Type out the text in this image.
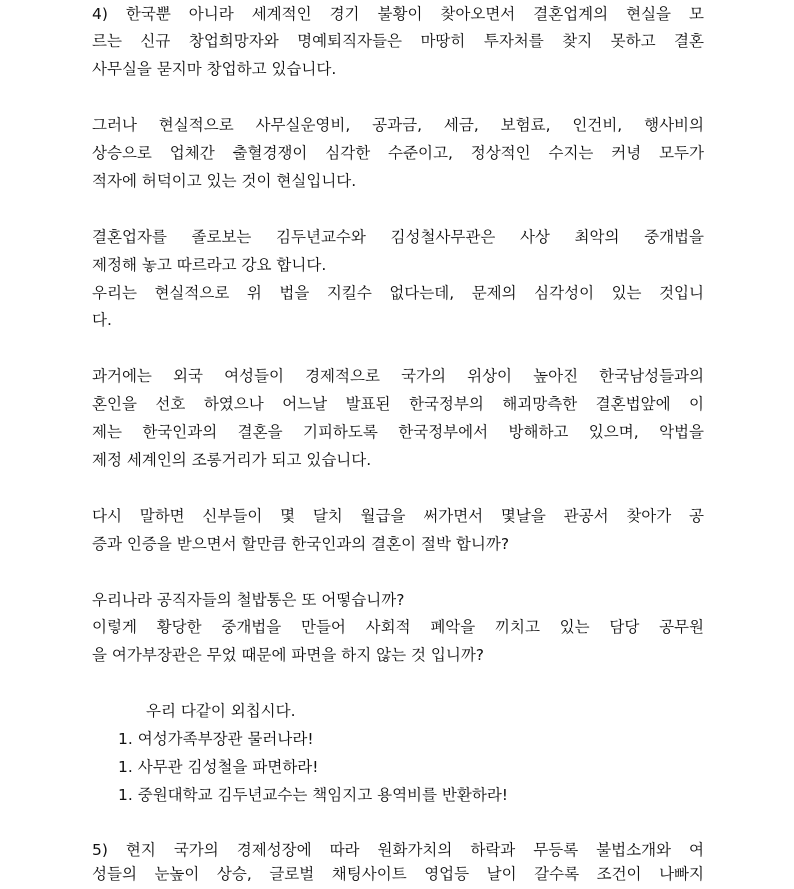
4) 한국뿐 아니라 세계적인 경기 불황이 찾아오면서 결혼업계의 현실을 모
르는 신규 창업희망자와 명예퇴직자들은 마땅히 투자처를 찾지 못하고 결혼
사무실을 묻지마 창업하고 있습니다.
그러나 현실적으로 사무실운영비, 공과금, 세금, 보험료, 인건비, 행사비의
상승으로 업체간 출혈경쟁이 심각한 수준이고, 정상적인 수지는 커녕 모두가
적자에 허덕이고 있는 것이 현실입니다.
결혼업자를 졸로보는 김두년교수와 김성철사무관은 사상 최악의 중개법을
제정해 놓고 따르라고 강요 합니다.
우리는 현실적으로 위 법을 지킬수 없다는데, 문제의 심각성이 있는 것입니
다.
과거에는 외국 여성들이 경제적으로 국가의 위상이 높아진 한국남성들과의
혼인을 선호 하였으나 어느날 발표된 한국정부의 해괴망측한 결혼법앞에 이
제는 한국인과의 결혼을 기피하도록 한국정부에서 방해하고 있으며, 악법을
제정 세계인의 조롱거리가 되고 있습니다.
다시 말하면 신부들이 몇 달치 월급을 써가면서 몇날을 관공서 찾아가 공
증과 인증을 받으면서 할만큼 한국인과의 결혼이 절박 합니까?
우리나라 공직자들의 철밥통은 또 어떻습니까?
이렇게 황당한 중개법을 만들어 사회적 폐악을 끼치고 있는 담당 공무원
을 여가부장관은 무었 때문에 파면을 하지 않는 것 입니까?
우리 다같이 외칩시다.
1. 여성가족부장관 물러나라!
1. 사무관 김성철을 파면하라!
1. 중원대학교 김두년교수는 책임지고 용역비를 반환하라!
5) 현지 국가의 경제성장에 따라 원화가치의 하락과 무등록 불법소개와 여
성들의 눈높이 상승, 글로벌 채팅사이트 영업등 날이 갈수록 조건이 나빠지
